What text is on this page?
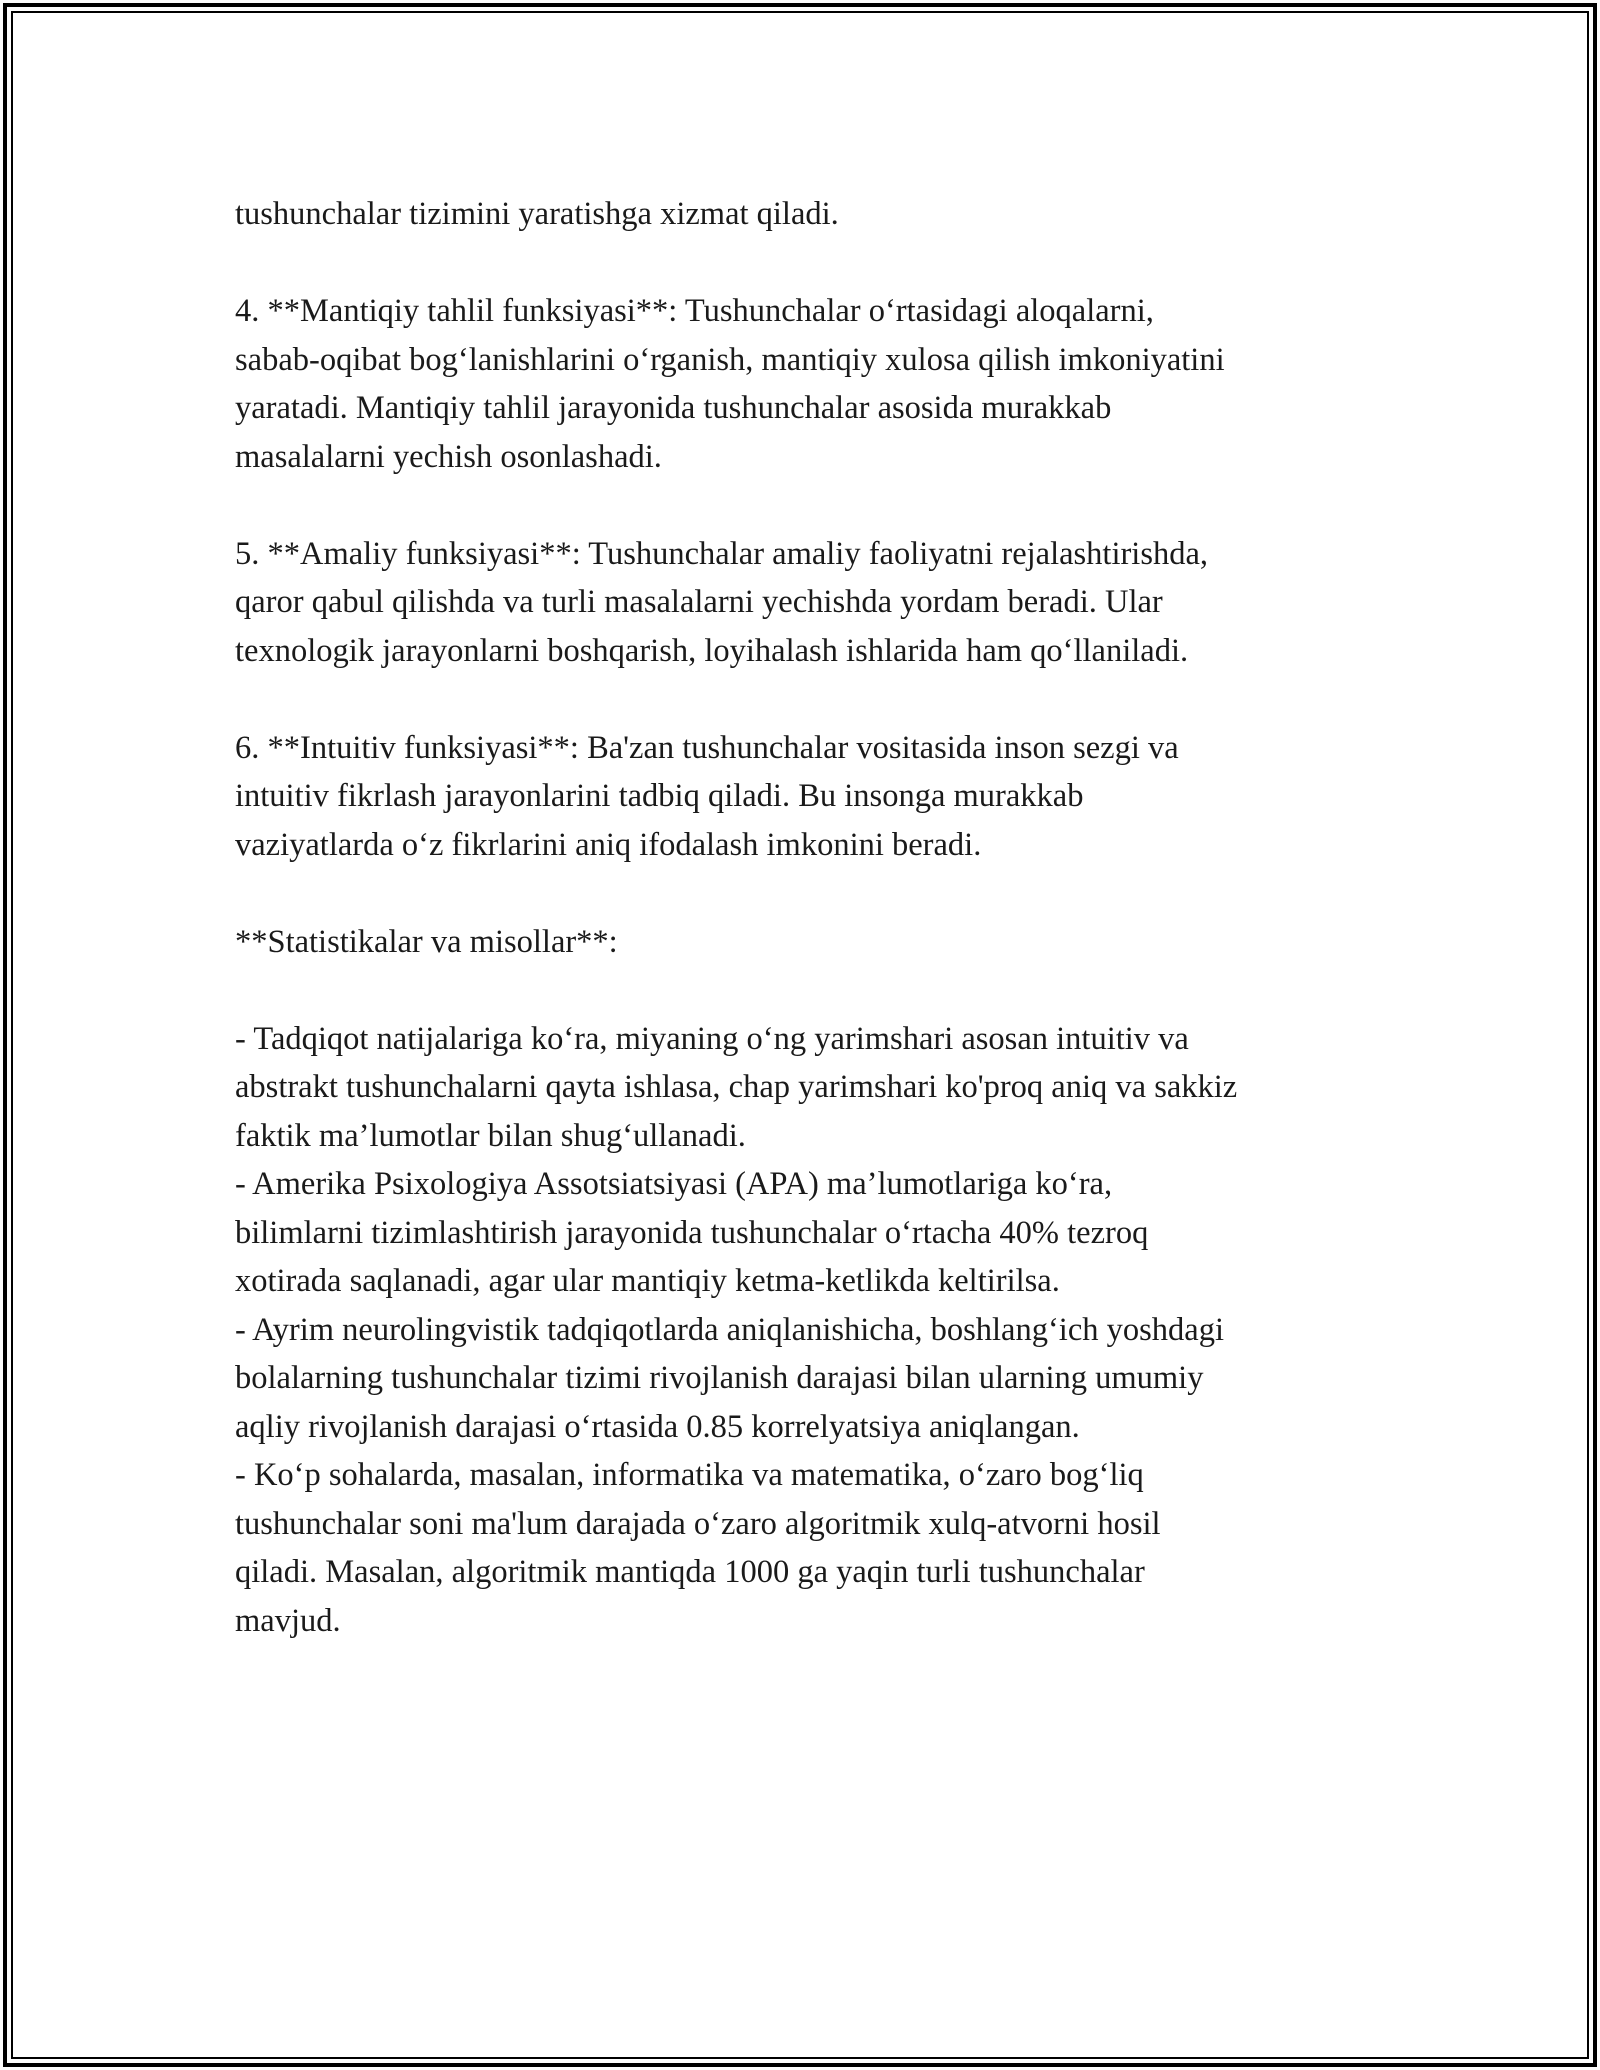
tushunchalar tizimini yaratishga xizmat qiladi.

4. **Mantiqiy tahlil funksiyasi**: Tushunchalar o‘rtasidagi aloqalarni,
sabab-oqibat bog‘lanishlarini o‘rganish, mantiqiy xulosa qilish imkoniyatini
yaratadi. Mantiqiy tahlil jarayonida tushunchalar asosida murakkab
masalalarni yechish osonlashadi.

5. **Amaliy funksiyasi**: Tushunchalar amaliy faoliyatni rejalashtirishda,
qaror qabul qilishda va turli masalalarni yechishda yordam beradi. Ular
texnologik jarayonlarni boshqarish, loyihalash ishlarida ham qo‘llaniladi.

6. **Intuitiv funksiyasi**: Ba'zan tushunchalar vositasida inson sezgi va
intuitiv fikrlash jarayonlarini tadbiq qiladi. Bu insonga murakkab
vaziyatlarda o‘z fikrlarini aniq ifodalash imkonini beradi.

**Statistikalar va misollar**:

- Tadqiqot natijalariga ko‘ra, miyaning o‘ng yarimshari asosan intuitiv va
abstrakt tushunchalarni qayta ishlasa, chap yarimshari ko'proq aniq va sakkiz
faktik ma’lumotlar bilan shug‘ullanadi.
- Amerika Psixologiya Assotsiatsiyasi (APA) ma’lumotlariga ko‘ra,
bilimlarni tizimlashtirish jarayonida tushunchalar o‘rtacha 40% tezroq
xotirada saqlanadi, agar ular mantiqiy ketma-ketlikda keltirilsa.
- Ayrim neurolingvistik tadqiqotlarda aniqlanishicha, boshlang‘ich yoshdagi
bolalarning tushunchalar tizimi rivojlanish darajasi bilan ularning umumiy
aqliy rivojlanish darajasi o‘rtasida 0.85 korrelyatsiya aniqlangan.
- Ko‘p sohalarda, masalan, informatika va matematika, o‘zaro bog‘liq
tushunchalar soni ma'lum darajada o‘zaro algoritmik xulq-atvorni hosil
qiladi. Masalan, algoritmik mantiqda 1000 ga yaqin turli tushunchalar
mavjud.
